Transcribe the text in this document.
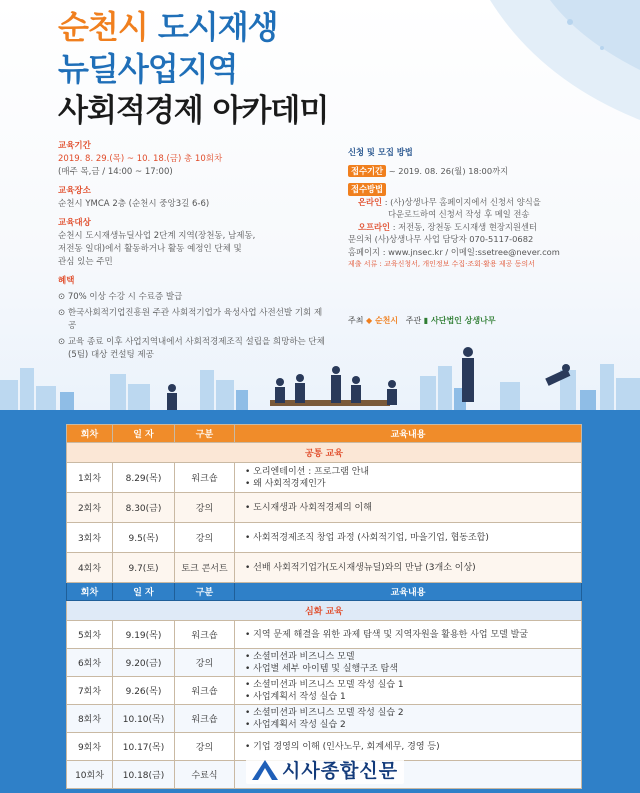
순천시 도시재생
뉴딜사업지역
사회적경제 아카데미
교육기간
2019. 8. 29.(목) ~ 10. 18.(금) 총 10회차
(매주 목,금 / 14:00 ~ 17:00)
교육장소
순천시 YMCA 2층 (순천시 중앙3길 6-6)
교육대상
순천시 도시재생뉴딜사업 2단계 지역(장천동, 남제동,
저전동 일대)에서 활동하거나 활동 예정인 단체 및
관심 있는 주민
혜택
⊙ 70% 이상 수강 시 수료증 발급
⊙ 한국사회적기업진흥원 주관 사회적기업가 육성사업 사전선발 기회 제공
⊙ 교육 종료 이후 사업지역내에서 사회적경제조직 설립을 희망하는 단체(5팀) 대상 컨설팅 제공
신청 및 모집 방법
접수기간 ~ 2019. 08. 26(월) 18:00까지
접수방법
온라인 : (사)상생나무 홈페이지에서 신청서 양식을
다운로드하여 신청서 작성 후 메일 전송
오프라인 : 저전동, 장천동 도시재생 현장지원센터
문의처 (사)상생나무 사업 담당자 070-5117-0682
홈페이지 : www.jnsec.kr / 이메일:ssetree@never.com
제출 서류 : 교육신청서, 개인정보 수집·조회·활용 제공 동의서
주최 ◆ 순천시 주관 ▮ 사단법인 상생나무
회차	일 자	구분	교육내용
공통 교육			
1회차	8.29(목)	워크숍	• 오리엔테이션 : 프로그램 안내
• 왜 사회적경제인가

2회차	8.30(금)	강의	• 도시재생과 사회적경제의 이해

3회차	9.5(목)	강의	• 사회적경제조직 창업 과정 (사회적기업, 마을기업, 협동조합)

4회차	9.7(토)	토크 콘서트	• 선배 사회적기업가(도시재생뉴딜)와의 만남 (3개소 이상)

회차	일 자	구분	교육내용
심화 교육			
5회차	9.19(목)	워크숍	• 지역 문제 해결을 위한 과제 탐색 및 지역자원을 활용한 사업 모델 발굴

6회차	9.20(금)	강의	• 소셜미션과 비즈니스 모델
• 사업별 세부 아이템 및 실행구조 탐색

7회차	9.26(목)	워크숍	• 소셜미션과 비즈니스 모델 작성 실습 1
• 사업계획서 작성 실습 1

8회차	10.10(목)	워크숍	• 소셜미션과 비즈니스 모델 작성 실습 2
• 사업계획서 작성 실습 2

9회차	10.17(목)	강의	• 기업 경영의 이해 (인사노무, 회계세무, 경영 등)

10회차	10.18(금)	수료식		시사종합신문
